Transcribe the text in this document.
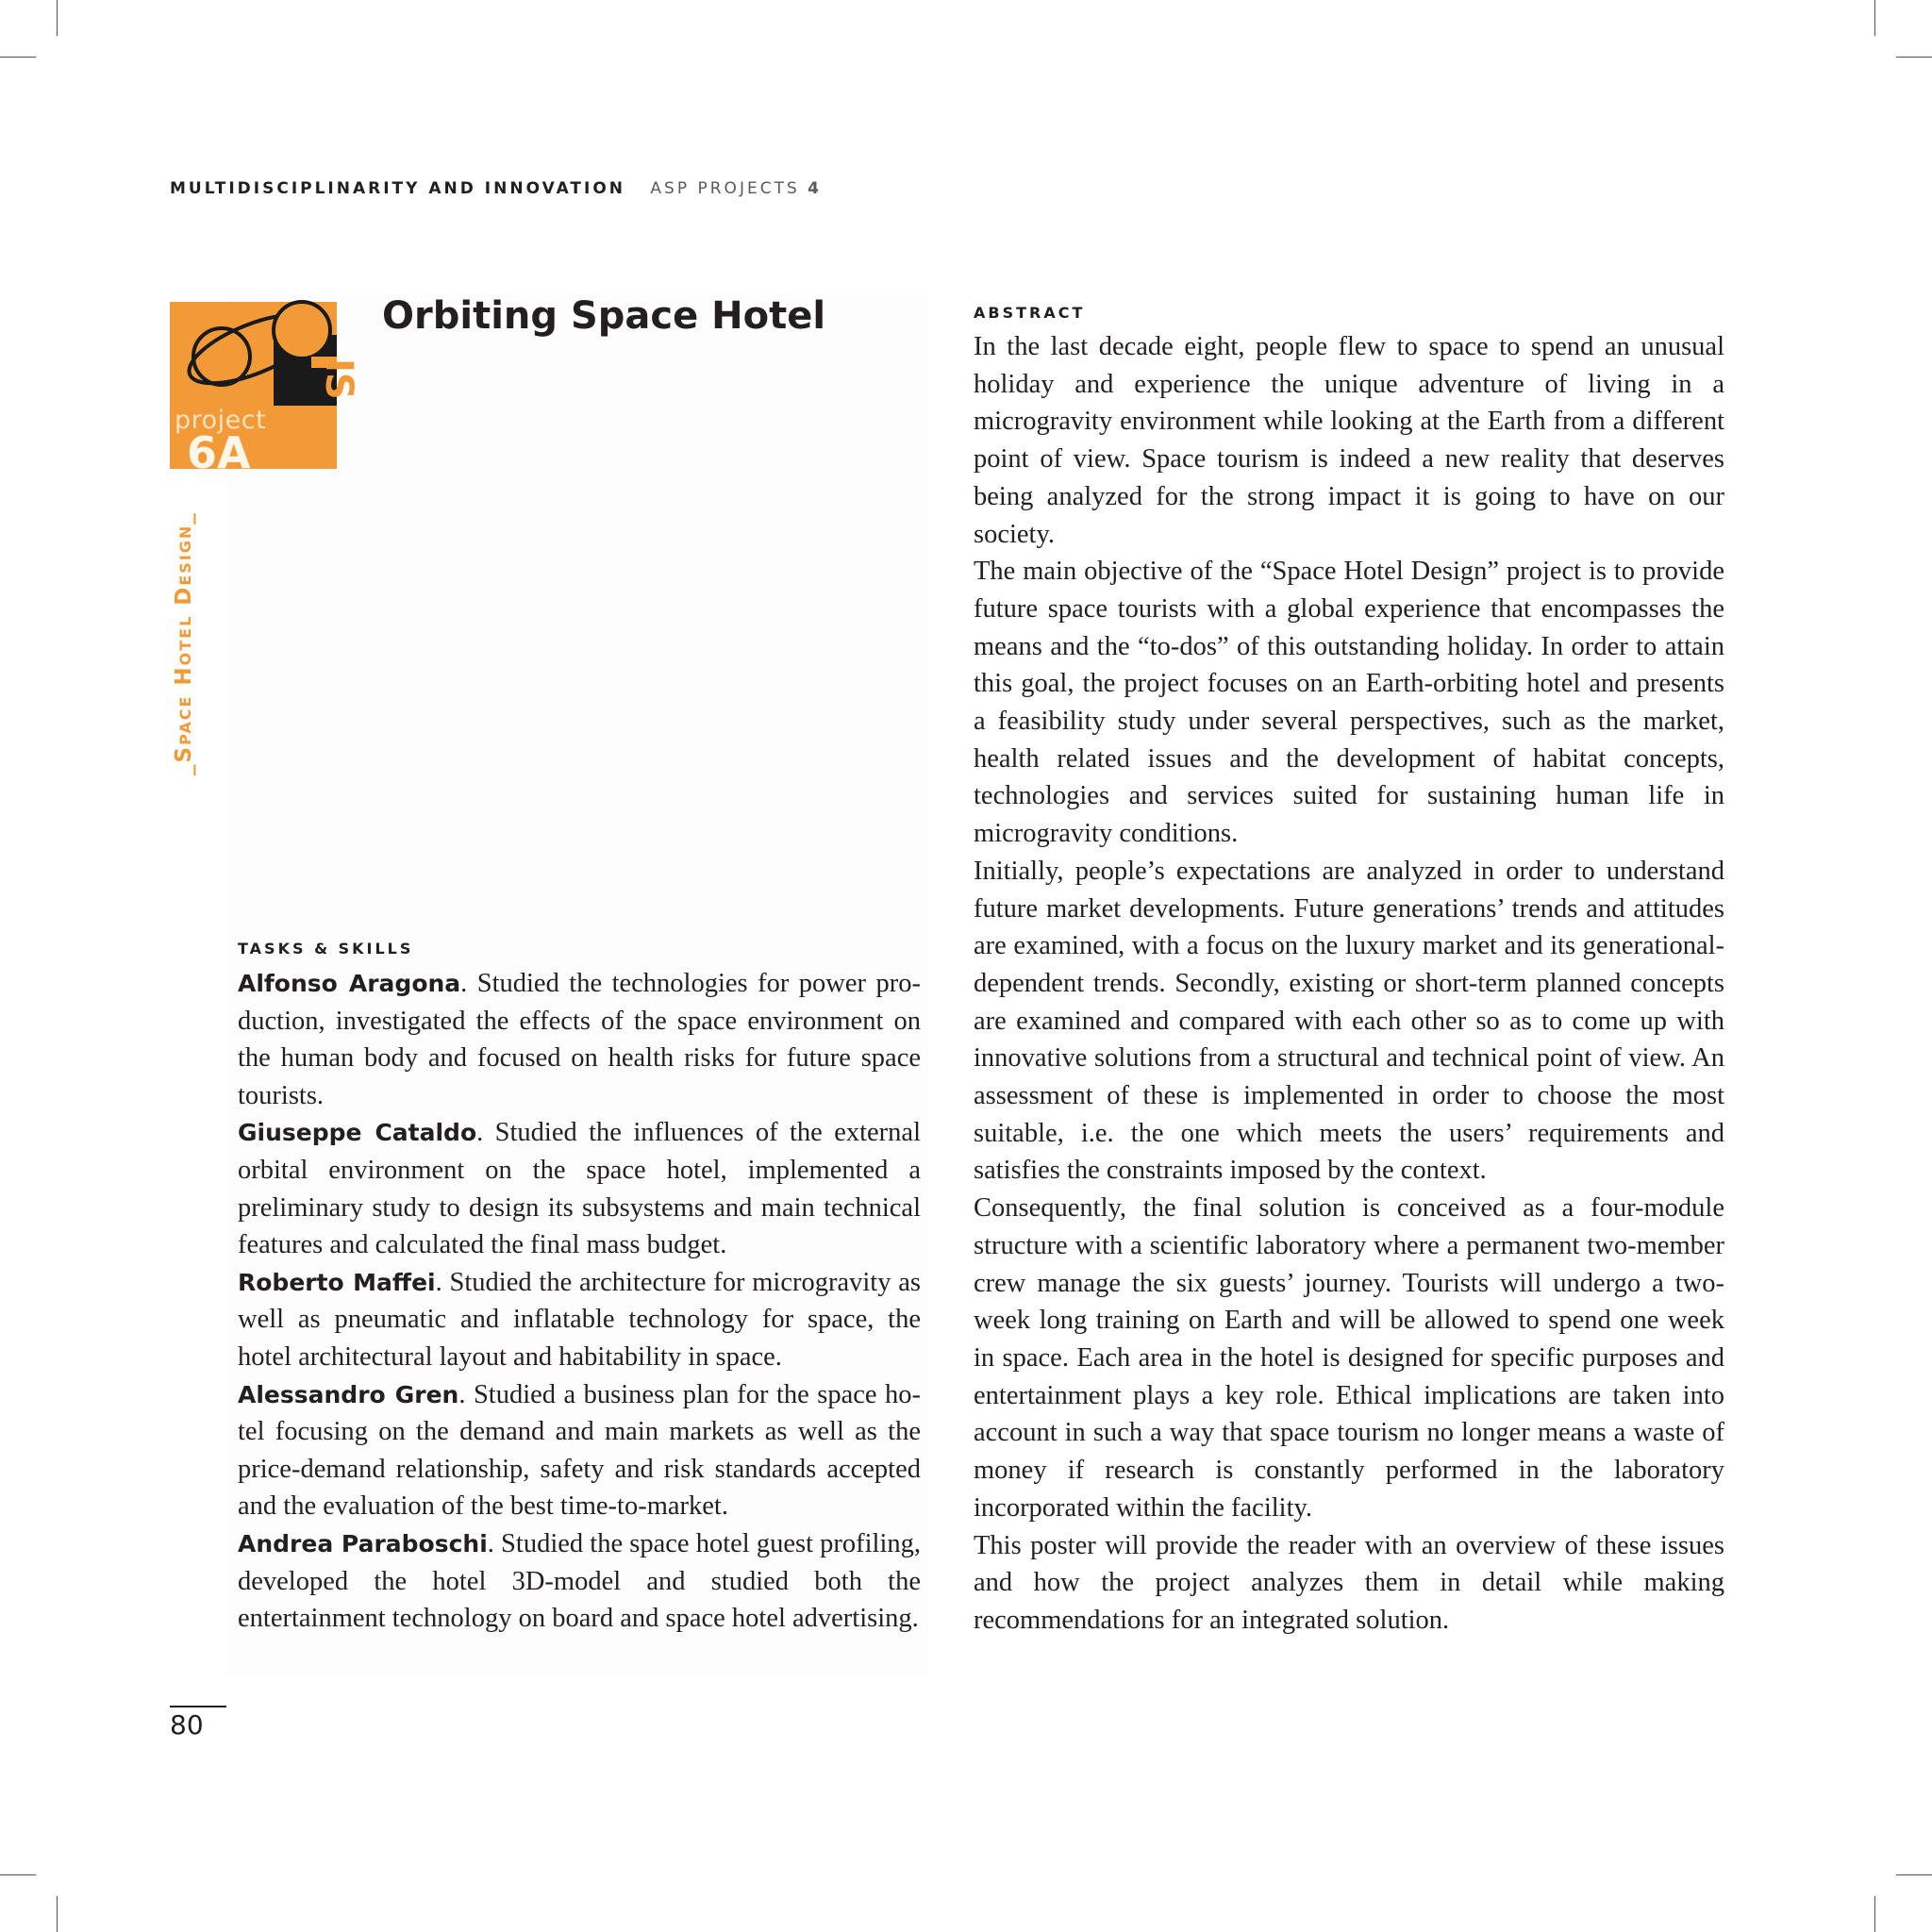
MULTIDISCIPLINARITY AND INNOVATION ASP PROJECTS 4
IS
project
6A
_Space Hotel Design_
Orbiting Space Hotel
TASKS & SKILLS

Alfonso Aragona. Studied the technologies for power production, investigated the effects of the space environment on the human body and focused on health risks for future space tourists.

Giuseppe Cataldo. Studied the influences of the external orbital environment on the space hotel, implemented a preliminary study to design its subsystems and main technical features and calculated the final mass budget.

Roberto Maffei. Studied the architecture for microgravity as well as pneumatic and inflatable technology for space, the hotel architectural layout and habitability in space.

Alessandro Gren. Studied a business plan for the space hotel focusing on the demand and main markets as well as the price-demand relationship, safety and risk standards accepted and the evaluation of the best time-to-market.

Andrea Paraboschi. Studied the space hotel guest profiling, developed the hotel 3D-model and studied both the entertainment technology on board and space hotel advertising.

ABSTRACT

In the last decade eight, people flew to space to spend an unusual holiday and experience the unique adventure of living in a microgravity environment while looking at the Earth from a different point of view. Space tourism is indeed a new reality that deserves being analyzed for the strong impact it is going to have on our society.

The main objective of the “Space Hotel Design” project is to provide future space tourists with a global experience that encompasses the means and the “to-dos” of this outstanding holiday. In order to attain this goal, the project focuses on an Earth-orbiting hotel and presents a feasibility study under several perspectives, such as the market, health related issues and the development of habitat concepts, technologies and services suited for sustaining human life in microgravity conditions.

Initially, people’s expectations are analyzed in order to understand future market developments. Future generations’ trends and attitudes are examined, with a focus on the luxury market and its generational-dependent trends. Secondly, existing or short-term planned concepts are examined and compared with each other so as to come up with innovative solutions from a structural and technical point of view. An assessment of these is implemented in order to choose the most suitable, i.e. the one which meets the users’ requirements and satisfies the constraints imposed by the context.

Consequently, the final solution is conceived as a four-module structure with a scientific laboratory where a permanent two-member crew manage the six guests’ journey. Tourists will undergo a two-week long training on Earth and will be allowed to spend one week in space. Each area in the hotel is designed for specific purposes and entertainment plays a key role. Ethical implications are taken into account in such a way that space tourism no longer means a waste of money if research is constantly performed in the laboratory incorporated within the facility.

This poster will provide the reader with an overview of these issues and how the project analyzes them in detail while making recommendations for an integrated solution.

80
